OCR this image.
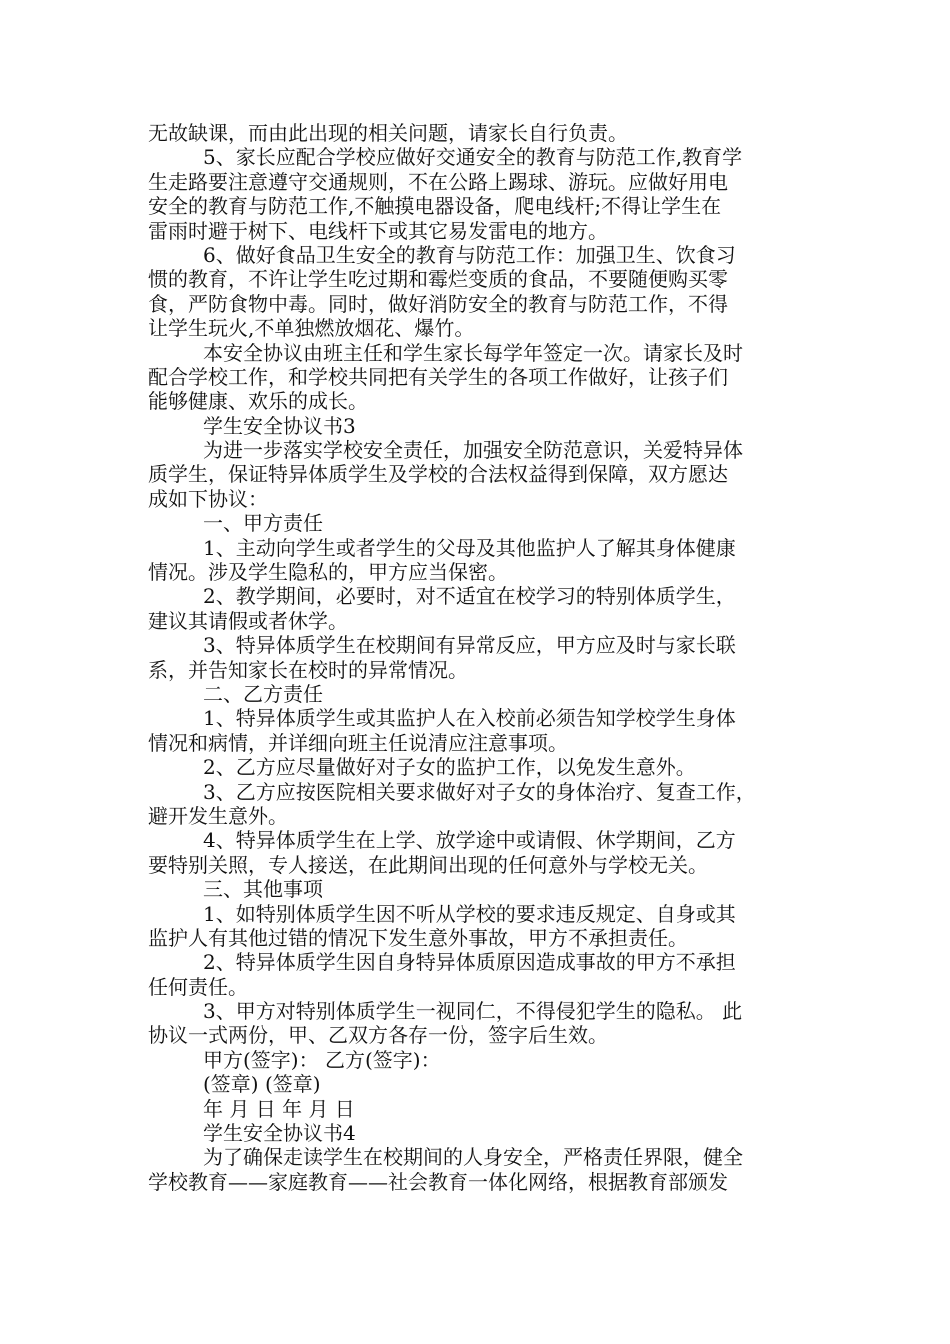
无故缺课，而由此出现的相关问题，请家长自行负责。
5、家长应配合学校应做好交通安全的教育与防范工作,教育学
生走路要注意遵守交通规则，不在公路上踢球、游玩。应做好用电
安全的教育与防范工作,不触摸电器设备，爬电线杆;不得让学生在
雷雨时避于树下、电线杆下或其它易发雷电的地方。
6、做好食品卫生安全的教育与防范工作：加强卫生、饮食习
惯的教育，不许让学生吃过期和霉烂变质的食品，不要随便购买零
食，严防食物中毒。同时，做好消防安全的教育与防范工作，不得
让学生玩火,不单独燃放烟花、爆竹。
本安全协议由班主任和学生家长每学年签定一次。请家长及时
配合学校工作，和学校共同把有关学生的各项工作做好，让孩子们
能够健康、欢乐的成长。
学生安全协议书3
为进一步落实学校安全责任，加强安全防范意识，关爱特异体
质学生，保证特异体质学生及学校的合法权益得到保障，双方愿达
成如下协议：
一、甲方责任
1、主动向学生或者学生的父母及其他监护人了解其身体健康
情况。涉及学生隐私的，甲方应当保密。
2、教学期间，必要时，对不适宜在校学习的特别体质学生，
建议其请假或者休学。
3、特异体质学生在校期间有异常反应，甲方应及时与家长联
系，并告知家长在校时的异常情况。
二、乙方责任
1、特异体质学生或其监护人在入校前必须告知学校学生身体
情况和病情，并详细向班主任说清应注意事项。
2、乙方应尽量做好对子女的监护工作，以免发生意外。
3、乙方应按医院相关要求做好对子女的身体治疗、复查工作，
避开发生意外。
4、特异体质学生在上学、放学途中或请假、休学期间，乙方
要特别关照，专人接送，在此期间出现的任何意外与学校无关。
三、其他事项
1、如特别体质学生因不听从学校的要求违反规定、自身或其
监护人有其他过错的情况下发生意外事故，甲方不承担责任。
2、特异体质学生因自身特异体质原因造成事故的甲方不承担
任何责任。
3、甲方对特别体质学生一视同仁，不得侵犯学生的隐私。 此
协议一式两份，甲、乙双方各存一份，签字后生效。
甲方(签字)： 乙方(签字)：
(签章) (签章)
年 月 日 年 月 日
学生安全协议书4
为了确保走读学生在校期间的人身安全，严格责任界限，健全
学校教育——家庭教育——社会教育一体化网络，根据教育部颁发
